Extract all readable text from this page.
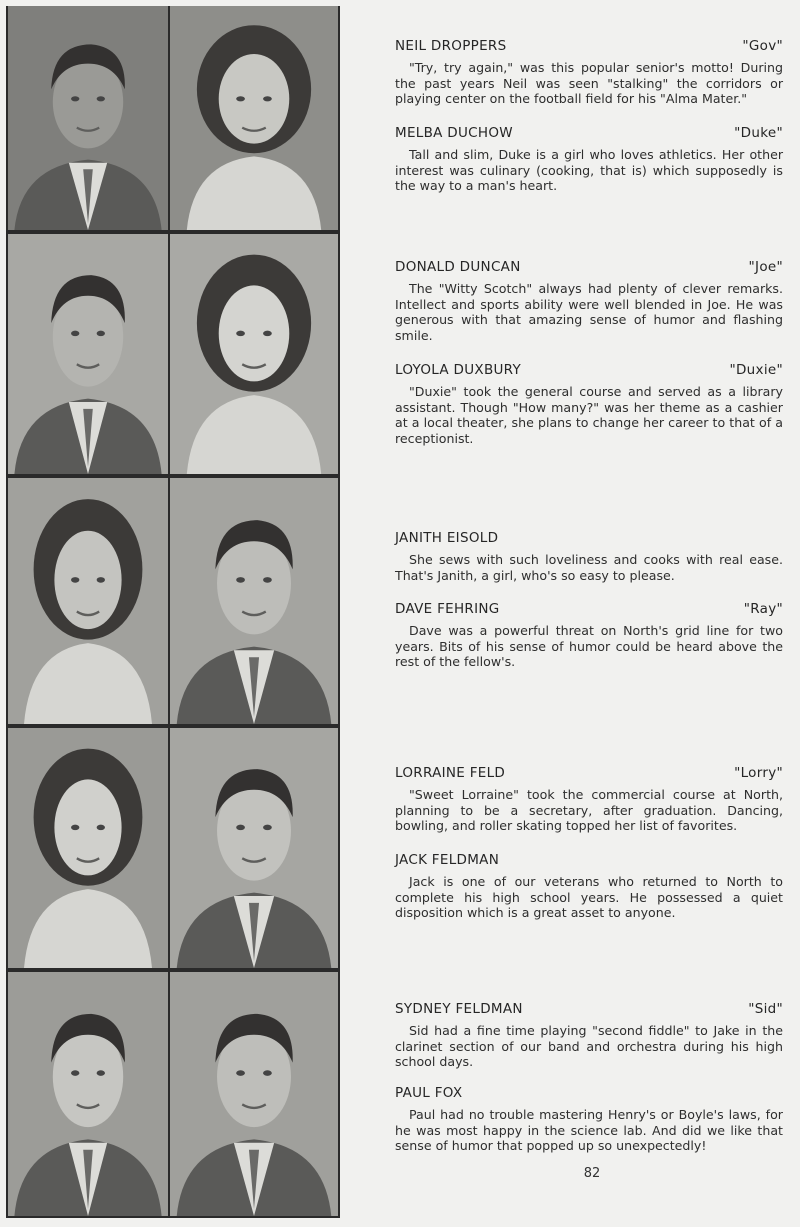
NEIL DROPPERS	"Gov"
"Try, try again," was this popular senior's motto! During the past years Neil was seen "stalking" the corridors or playing center on the football field for his "Alma Mater."
MELBA DUCHOW	"Duke"
Tall and slim, Duke is a girl who loves athletics. Her other interest was culinary (cooking, that is) which supposedly is the way to a man's heart.
DONALD DUNCAN	"Joe"
The "Witty Scotch" always had plenty of clever remarks. Intellect and sports ability were well blended in Joe. He was generous with that amazing sense of humor and flashing smile.
LOYOLA DUXBURY	"Duxie"
"Duxie" took the general course and served as a library assistant. Though "How many?" was her theme as a cashier at a local theater, she plans to change her career to that of a receptionist.
JANITH EISOLD
She sews with such loveliness and cooks with real ease. That's Janith, a girl, who's so easy to please.
DAVE FEHRING	"Ray"
Dave was a powerful threat on North's grid line for two years. Bits of his sense of humor could be heard above the rest of the fellow's.
LORRAINE FELD	"Lorry"
"Sweet Lorraine" took the commercial course at North, planning to be a secretary, after graduation. Dancing, bowling, and roller skating topped her list of favorites.
JACK FELDMAN
Jack is one of our veterans who returned to North to complete his high school years. He possessed a quiet disposition which is a great asset to anyone.
SYDNEY FELDMAN	"Sid"
Sid had a fine time playing "second fiddle" to Jake in the clarinet section of our band and orchestra during his high school days.
PAUL FOX
Paul had no trouble mastering Henry's or Boyle's laws, for he was most happy in the science lab. And did we like that sense of humor that popped up so unexpectedly!
82
